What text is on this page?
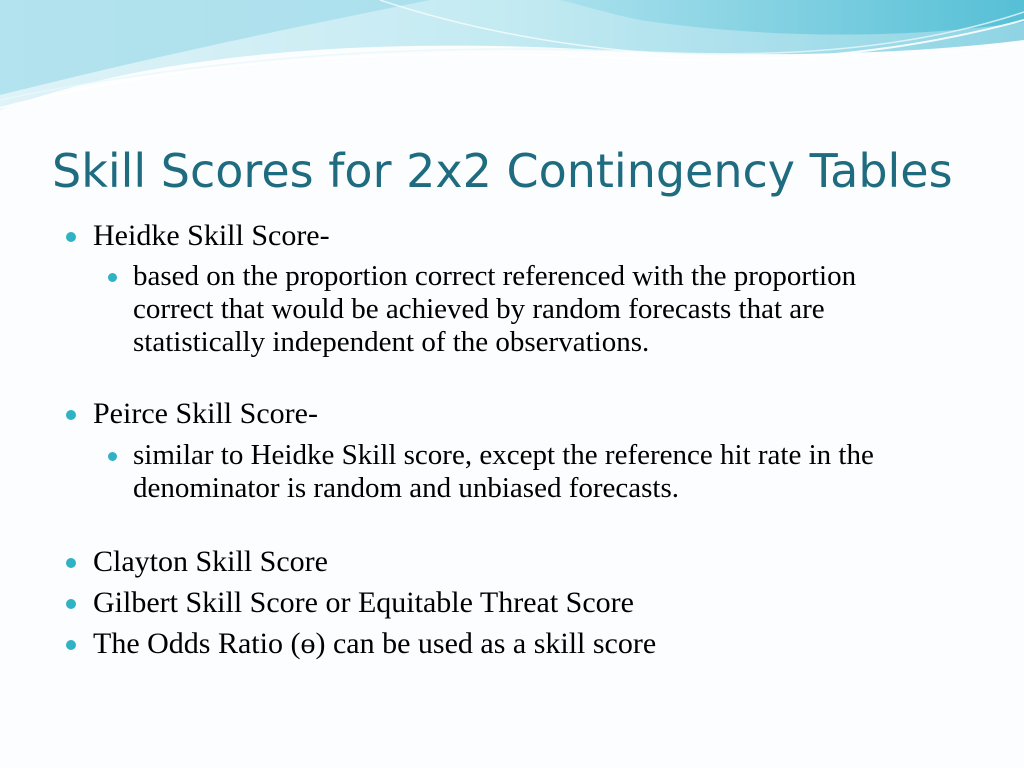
Skill Scores for 2x2 Contingency Tables
Heidke Skill Score-
based on the proportion correct referenced with the proportion correct that would be achieved by random forecasts that are statistically independent of the observations.
Peirce Skill Score-
similar to Heidke Skill score, except the reference hit rate in the denominator is random and unbiased forecasts.
Clayton Skill Score
Gilbert Skill Score or Equitable Threat Score
The Odds Ratio (ɵ) can be used as a skill score
